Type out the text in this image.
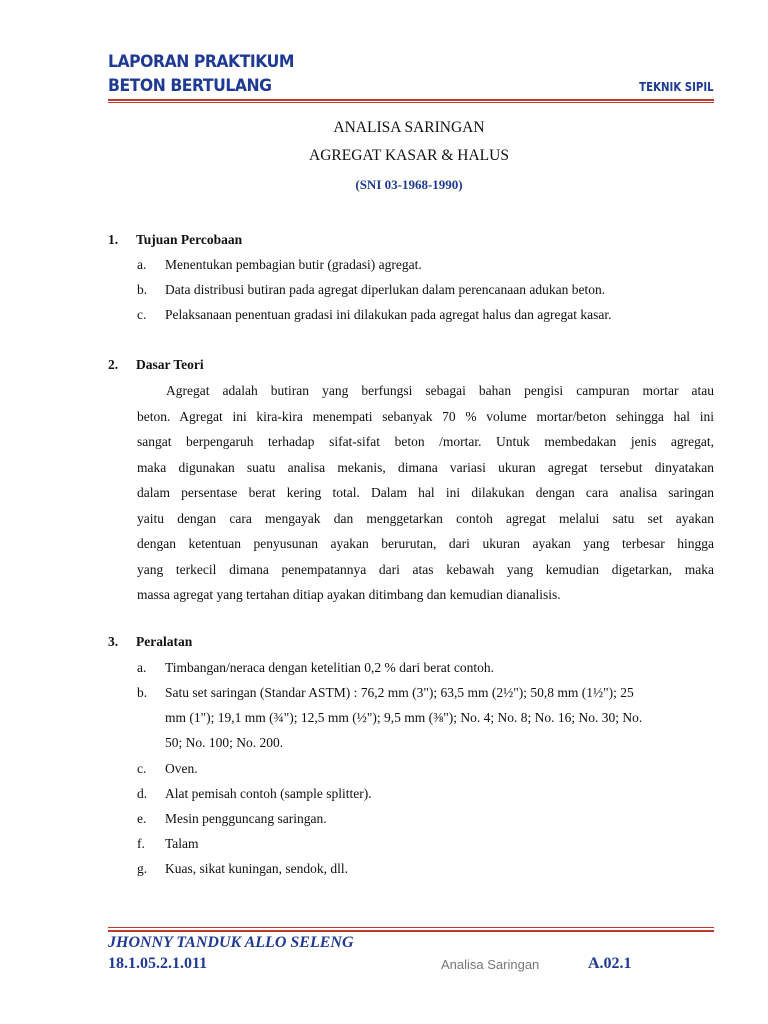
LAPORAN PRAKTIKUM
BETON BERTULANG	TEKNIK SIPIL
ANALISA SARINGAN
AGREGAT KASAR & HALUS
(SNI 03-1968-1990)
1. Tujuan Percobaan
a. Menentukan pembagian butir (gradasi) agregat.
b. Data distribusi butiran pada agregat diperlukan dalam perencanaan adukan beton.
c. Pelaksanaan penentuan gradasi ini dilakukan pada agregat halus dan agregat kasar.
2. Dasar Teori
Agregat adalah butiran yang berfungsi sebagai bahan pengisi campuran mortar atau
beton. Agregat ini kira-kira menempati sebanyak 70 % volume mortar/beton sehingga hal ini
sangat berpengaruh terhadap sifat-sifat beton /mortar. Untuk membedakan jenis agregat,
maka digunakan suatu analisa mekanis, dimana variasi ukuran agregat tersebut dinyatakan
dalam persentase berat kering total. Dalam hal ini dilakukan dengan cara analisa saringan
yaitu dengan cara mengayak dan menggetarkan contoh agregat melalui satu set ayakan
dengan ketentuan penyusunan ayakan berurutan, dari ukuran ayakan yang terbesar hingga
yang terkecil dimana penempatannya dari atas kebawah yang kemudian digetarkan, maka
massa agregat yang tertahan ditiap ayakan ditimbang dan kemudian dianalisis.
3. Peralatan
a. Timbangan/neraca dengan ketelitian 0,2 % dari berat contoh.
b. Satu set saringan (Standar ASTM) : 76,2 mm (3"); 63,5 mm (2½"); 50,8 mm (1½"); 25
mm (1"); 19,1 mm (¾"); 12,5 mm (½"); 9,5 mm (⅜"); No. 4; No. 8; No. 16; No. 30; No.
50; No. 100; No. 200.
c. Oven.
d. Alat pemisah contoh (sample splitter).
e. Mesin pengguncang saringan.
f. Talam
g. Kuas, sikat kuningan, sendok, dll.
JHONNY TANDUK ALLO SELENG
18.1.05.2.1.011	Analisa Saringan	A.02.1
